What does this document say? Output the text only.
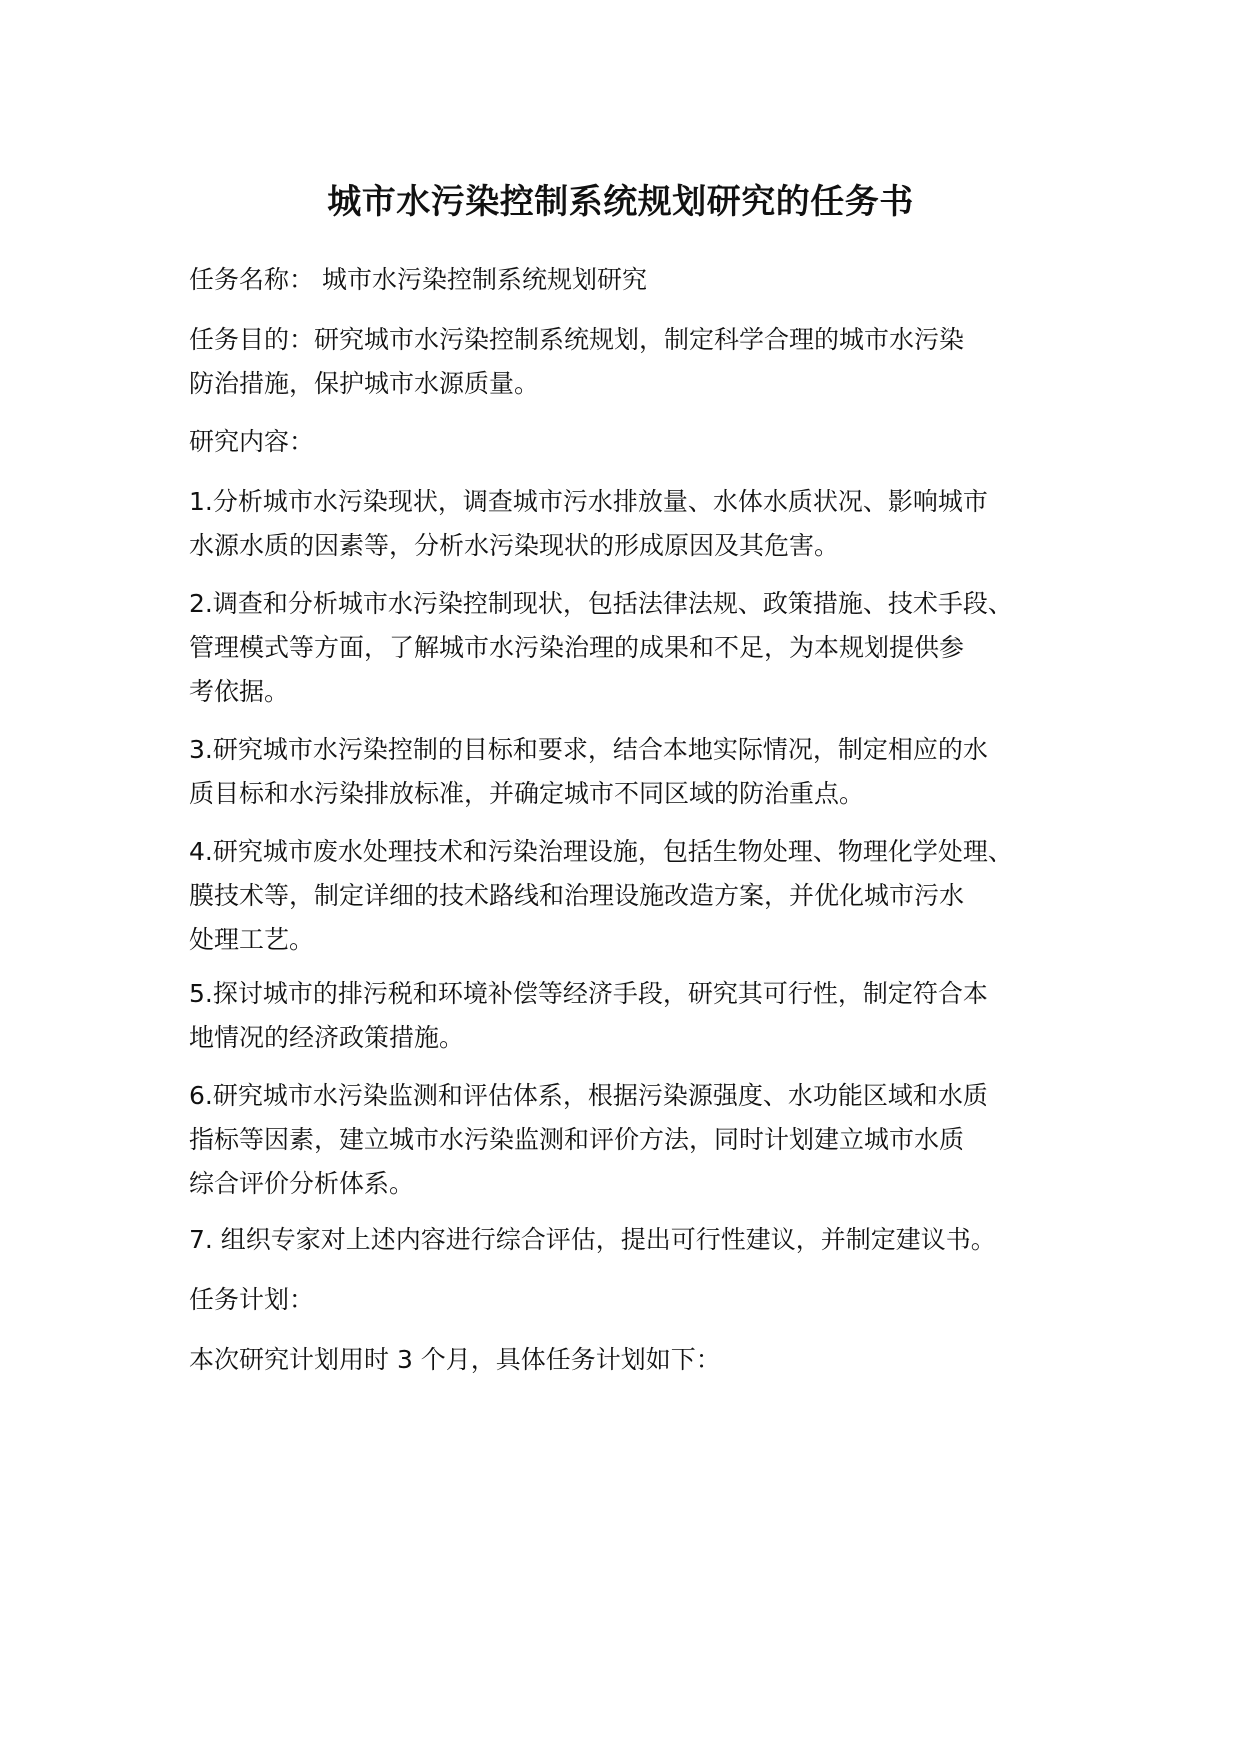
城市水污染控制系统规划研究的任务书
任务名称： 城市水污染控制系统规划研究
任务目的：研究城市水污染控制系统规划，制定科学合理的城市水污染
防治措施，保护城市水源质量。
研究内容：
1.分析城市水污染现状，调查城市污水排放量、水体水质状况、影响城市
水源水质的因素等，分析水污染现状的形成原因及其危害。
2.调查和分析城市水污染控制现状，包括法律法规、政策措施、技术手段、
管理模式等方面，了解城市水污染治理的成果和不足，为本规划提供参
考依据。
3.研究城市水污染控制的目标和要求，结合本地实际情况，制定相应的水
质目标和水污染排放标准，并确定城市不同区域的防治重点。
4.研究城市废水处理技术和污染治理设施，包括生物处理、物理化学处理、
膜技术等，制定详细的技术路线和治理设施改造方案，并优化城市污水
处理工艺。
5.探讨城市的排污税和环境补偿等经济手段，研究其可行性，制定符合本
地情况的经济政策措施。
6.研究城市水污染监测和评估体系，根据污染源强度、水功能区域和水质
指标等因素，建立城市水污染监测和评价方法，同时计划建立城市水质
综合评价分析体系。
7. 组织专家对上述内容进行综合评估，提出可行性建议，并制定建议书。
任务计划：
本次研究计划用时 3 个月，具体任务计划如下：
